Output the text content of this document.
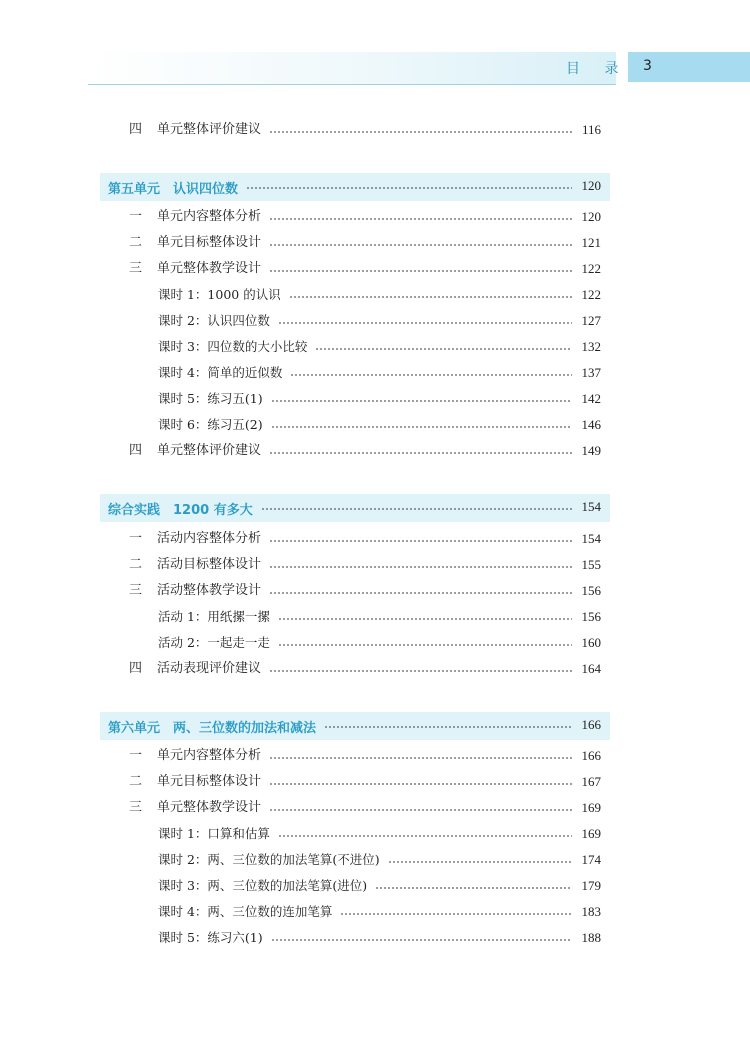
目 录 3
四 单元整体评价建议	116
第五单元　认识四位数	120
一 单元内容整体分析	120
二 单元目标整体设计	121
三 单元整体教学设计	122
课时 1：1000 的认识	122
课时 2：认识四位数	127
课时 3：四位数的大小比较	132
课时 4：简单的近似数	137
课时 5：练习五(1)	142
课时 6：练习五(2)	146
四 单元整体评价建议	149
综合实践　1200 有多大	154
一 活动内容整体分析	154
二 活动目标整体设计	155
三 活动整体教学设计	156
活动 1：用纸摞一摞	156
活动 2：一起走一走	160
四 活动表现评价建议	164
第六单元　两、三位数的加法和减法	166
一 单元内容整体分析	166
二 单元目标整体设计	167
三 单元整体教学设计	169
课时 1：口算和估算	169
课时 2：两、三位数的加法笔算(不进位)	174
课时 3：两、三位数的加法笔算(进位)	179
课时 4：两、三位数的连加笔算	183
课时 5：练习六(1)	188
